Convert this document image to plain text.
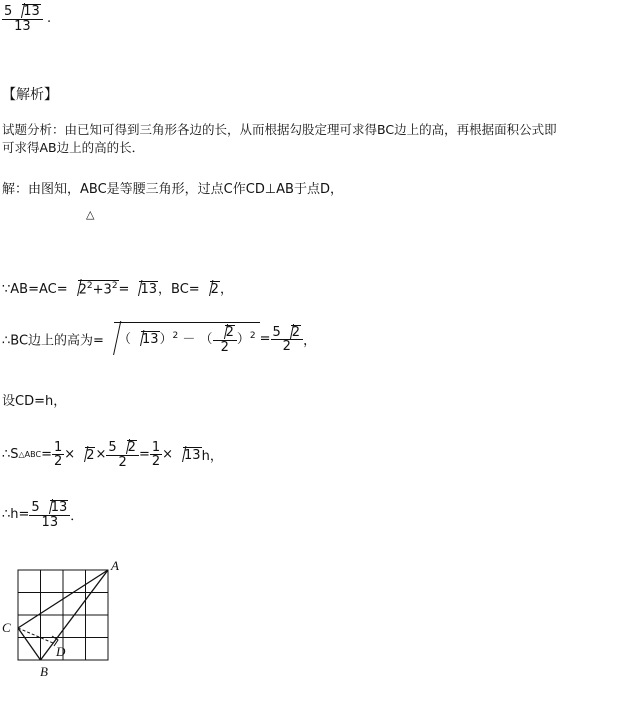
$\frac{5 13}{13}$ .
【解析】
试题分析：由已知可得到三角形各边的长，从而根据勾股定理可求得BC边上的高，再根据面积公式即
可求得AB边上的高的长．
解：由图知，ABC是等腰三角形，过点C作CD⊥AB于点D，
△
∵AB=AC= $2^2+3^2= 13$，BC= 2，
∴BC边上的高为= （ 13）$^2$ － （ $\frac{2}{2} )^2 = \frac{5 2}{2}$ ，
设CD=h，
∴S△ABC= $\frac{1}{2} \times 2\times \frac{5 2}{2} = \frac{1}{2} \times 13h$，
∴h= $\frac{5 13}{13}$ ．
A
C
B
D
